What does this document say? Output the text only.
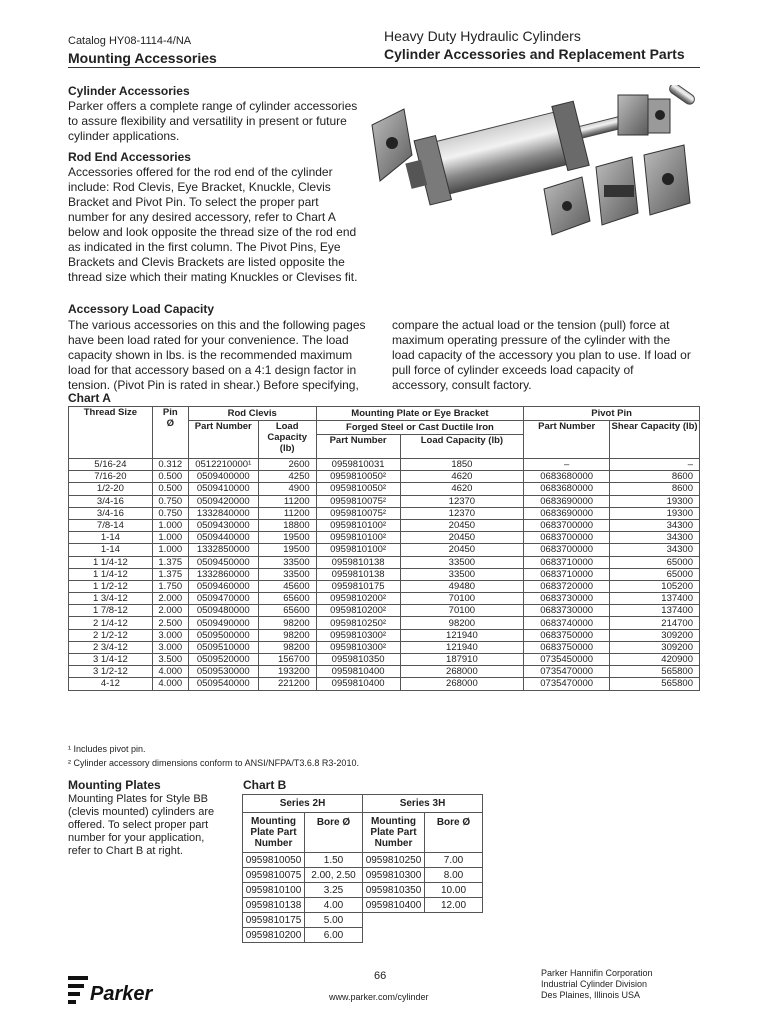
Catalog HY08-1114-4/NA
Mounting Accessories
Heavy Duty Hydraulic Cylinders
Cylinder Accessories and Replacement Parts
Cylinder Accessories

Parker offers a complete range of cylinder accessories to assure flexibility and versatility in present or future cylinder applications.

Rod End Accessories

Accessories offered for the rod end of the cylinder include: Rod Clevis, Eye Bracket, Knuckle, Clevis Bracket and Pivot Pin. To select the proper part number for any desired accessory, refer to Chart A below and look opposite the thread size of the rod end as indicated in the first column. The Pivot Pins, Eye Brackets and Clevis Brackets are listed opposite the thread size which their mating Knuckles or Clevises fit.

Accessory Load Capacity

The various accessories on this and the following pages have been load rated for your convenience. The load capacity shown in lbs. is the recommended maximum load for that accessory based on a 4:1 design factor in tension. (Pivot Pin is rated in shear.) Before specifying,

compare the actual load or the tension (pull) force at maximum operating pressure of the cylinder with the load capacity of the accessory you plan to use. If load or pull force of cylinder exceeds load capacity of accessory, consult factory.

Chart A
Thread Size	Pin
Ø	Rod Clevis		Mounting Plate or Eye Bracket		Pivot Pin	
		Part Number	Load Capacity (lb)	Forged Steel or Cast Ductile Iron		Part Number	Shear Capacity (lb)
				Part Number	Load Capacity (lb)		
5/16-24	0.312	0512210000¹	2600	0959810031	1850	–	–
7/16-20	0.500	0509400000	4250	0959810050²	4620	0683680000	8600
1/2-20	0.500	0509410000	4900	0959810050²	4620	0683680000	8600
3/4-16	0.750	0509420000	11200	0959810075²	12370	0683690000	19300
3/4-16	0.750	1332840000	11200	0959810075²	12370	0683690000	19300
7/8-14	1.000	0509430000	18800	0959810100²	20450	0683700000	34300
1-14	1.000	0509440000	19500	0959810100²	20450	0683700000	34300
1-14	1.000	1332850000	19500	0959810100²	20450	0683700000	34300
1 1/4-12	1.375	0509450000	33500	0959810138	33500	0683710000	65000
1 1/4-12	1.375	1332860000	33500	0959810138	33500	0683710000	65000
1 1/2-12	1.750	0509460000	45600	0959810175	49480	0683720000	105200
1 3/4-12	2.000	0509470000	65600	0959810200²	70100	0683730000	137400
1 7/8-12	2.000	0509480000	65600	0959810200²	70100	0683730000	137400
2 1/4-12	2.500	0509490000	98200	0959810250²	98200	0683740000	214700
2 1/2-12	3.000	0509500000	98200	0959810300²	121940	0683750000	309200
2 3/4-12	3.000	0509510000	98200	0959810300²	121940	0683750000	309200
3 1/4-12	3.500	0509520000	156700	0959810350	187910	0735450000	420900
3 1/2-12	4.000	0509530000	193200	0959810400	268000	0735470000	565800
4-12	4.000	0509540000	221200	0959810400	268000	0735470000	565800
¹ Includes pivot pin.
² Cylinder accessory dimensions conform to ANSI/NFPA/T3.6.8 R3-2010.
Mounting Plates

Mounting Plates for Style BB (clevis mounted) cylinders are offered. To select proper part number for your application, refer to Chart B at right.

Chart B
Series 2H		Series 3H	
Mounting Plate Part Number	Bore Ø	Mounting Plate Part Number	Bore Ø
0959810050	1.50	0959810250	7.00
0959810075	2.00, 2.50	0959810300	8.00
0959810100	3.25	0959810350	10.00
0959810138	4.00	0959810400	12.00
0959810175	5.00		
0959810200	6.00		
Parker
66
www.parker.com/cylinder
Parker Hannifin Corporation
Industrial Cylinder Division
Des Plaines, Illinois USA
